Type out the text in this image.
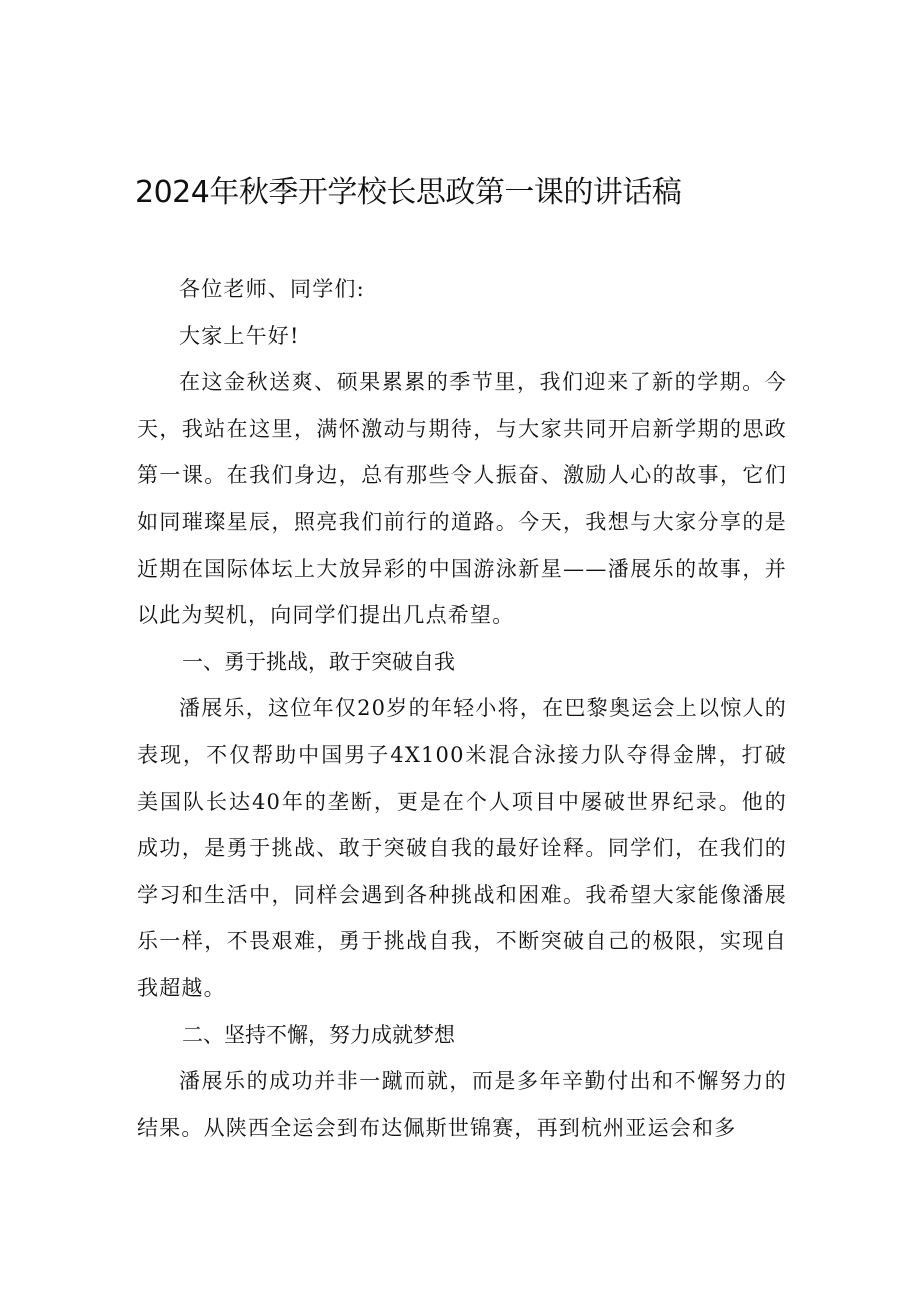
2024年秋季开学校长思政第一课的讲话稿

各位老师、同学们:

大家上午好!

在这金秋送爽、硕果累累的季节里，我们迎来了新的学期。今天，我站在这里，满怀激动与期待，与大家共同开启新学期的思政第一课。在我们身边，总有那些令人振奋、激励人心的故事，它们如同璀璨星辰，照亮我们前行的道路。今天，我想与大家分享的是近期在国际体坛上大放异彩的中国游泳新星——潘展乐的故事，并以此为契机，向同学们提出几点希望。

一、勇于挑战，敢于突破自我

潘展乐，这位年仅20岁的年轻小将，在巴黎奥运会上以惊人的表现，不仅帮助中国男子4X100米混合泳接力队夺得金牌，打破美国队长达40年的垄断，更是在个人项目中屡破世界纪录。他的成功，是勇于挑战、敢于突破自我的最好诠释。同学们，在我们的学习和生活中，同样会遇到各种挑战和困难。我希望大家能像潘展乐一样，不畏艰难，勇于挑战自我，不断突破自己的极限，实现自我超越。

二、坚持不懈，努力成就梦想

潘展乐的成功并非一蹴而就，而是多年辛勤付出和不懈努力的结果。从陕西全运会到布达佩斯世锦赛，再到杭州亚运会和多
